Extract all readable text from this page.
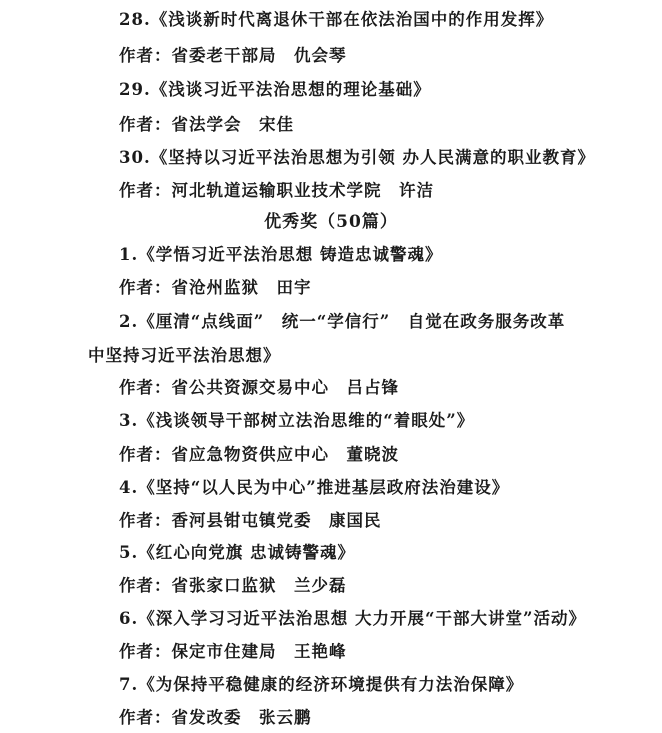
28.《浅谈新时代离退休干部在依法治国中的作用发挥》
作者：省委老干部局　仇会琴
29.《浅谈习近平法治思想的理论基础》
作者：省法学会　宋佳
30.《坚持以习近平法治思想为引领 办人民满意的职业教育》
作者：河北轨道运输职业技术学院　许洁
优秀奖（50篇）
1.《学悟习近平法治思想 铸造忠诚警魂》
作者：省沧州监狱　田宇
2.《厘清“点线面”　统一“学信行”　自觉在政务服务改革
中坚持习近平法治思想》
作者：省公共资源交易中心　吕占锋
3.《浅谈领导干部树立法治思维的“着眼处”》
作者：省应急物资供应中心　董晓波
4.《坚持“以人民为中心”推进基层政府法治建设》
作者：香河县钳屯镇党委　康国民
5.《红心向党旗 忠诚铸警魂》
作者：省张家口监狱　兰少磊
6.《深入学习习近平法治思想 大力开展“干部大讲堂”活动》
作者：保定市住建局　王艳峰
7.《为保持平稳健康的经济环境提供有力法治保障》
作者：省发改委　张云鹏
